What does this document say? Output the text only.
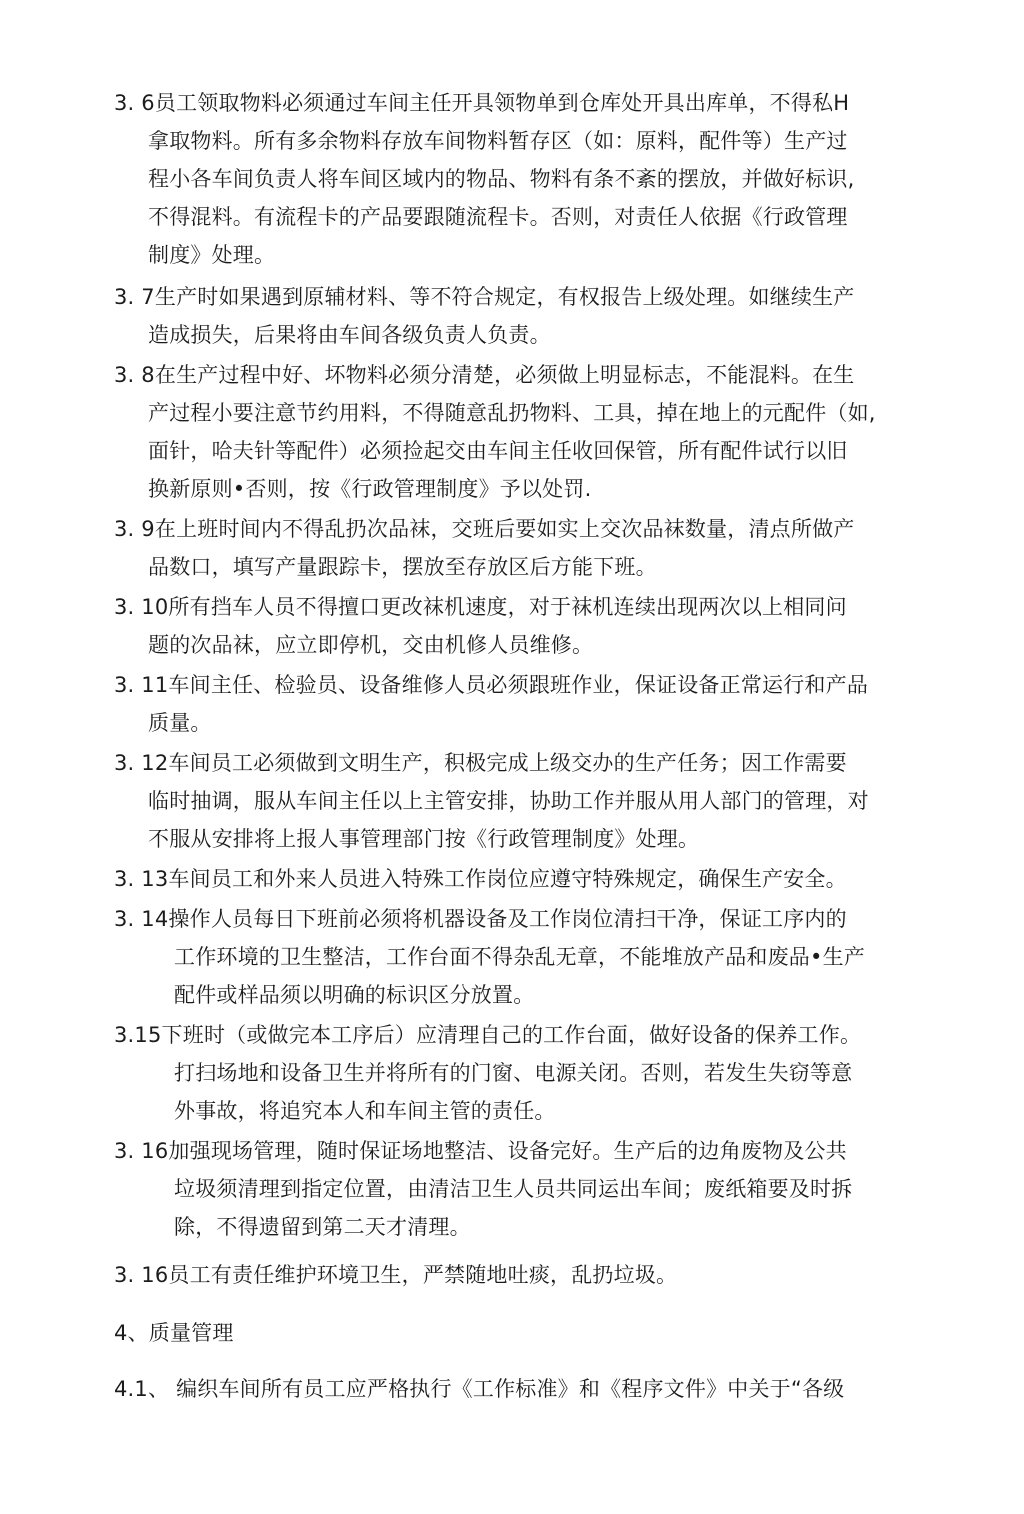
3. 6员工领取物料必须通过车间主任开具领物单到仓库处开具出库单，不得私H
拿取物料。所有多余物料存放车间物料暂存区（如：原料，配件等）生产过
程小各车间负责人将车间区域内的物品、物料有条不紊的摆放，并做好标识,
不得混料。有流程卡的产品要跟随流程卡。否则，对责任人依据《行政管理
制度》处理。
3. 7生产时如果遇到原辅材料、等不符合规定，有权报告上级处理。如继续生产
造成损失，后果将由车间各级负责人负责。
3. 8在生产过程中好、坏物料必须分清楚，必须做上明显标志，不能混料。在生
产过程小要注意节约用料，不得随意乱扔物料、工具，掉在地上的元配件（如,
面针，哈夫针等配件）必须捡起交由车间主任收回保管，所有配件试行以旧
换新原则•否则，按《行政管理制度》予以处罚.
3. 9在上班时间内不得乱扔次品袜，交班后要如实上交次品袜数量，清点所做产
品数口，填写产量跟踪卡，摆放至存放区后方能下班。
3. 10所有挡车人员不得擅口更改袜机速度，对于袜机连续出现两次以上相同问
题的次品袜，应立即停机，交由机修人员维修。
3. 11车间主任、检验员、设备维修人员必须跟班作业，保证设备正常运行和产品
质量。
3. 12车间员工必须做到文明生产，积极完成上级交办的生产任务；因工作需要
临时抽调，服从车间主任以上主管安排，协助工作并服从用人部门的管理，对
不服从安排将上报人事管理部门按《行政管理制度》处理。
3. 13车间员工和外来人员进入特殊工作岗位应遵守特殊规定，确保生产安全。
3. 14操作人员每日下班前必须将机器设备及工作岗位清扫干净，保证工序内的
工作环境的卫生整洁，工作台面不得杂乱无章，不能堆放产品和废品•生产
配件或样品须以明确的标识区分放置。
3.15下班时（或做完本工序后）应清理自己的工作台面，做好设备的保养工作。
打扫场地和设备卫生并将所有的门窗、电源关闭。否则，若发生失窃等意
外事故，将追究本人和车间主管的责任。
3. 16加强现场管理，随时保证场地整洁、设备完好。生产后的边角废物及公共
垃圾须清理到指定位置，由清洁卫生人员共同运出车间；废纸箱要及时拆
除，不得遗留到第二天才清理。
3. 16员工有责任维护环境卫生，严禁随地吐痰，乱扔垃圾。
4、质量管理
4.1、 编织车间所有员工应严格执行《工作标准》和《程序文件》中关于“各级
